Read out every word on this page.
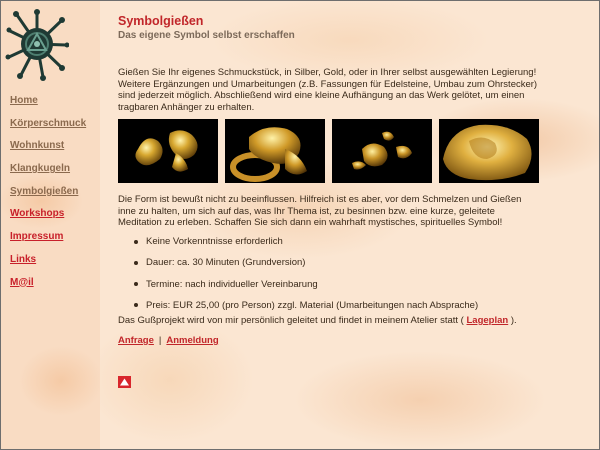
Home
Körperschmuck
Wohnkunst
Klangkugeln
Symbolgießen
Workshops
Impressum
Links
M@il
Symbolgießen
Das eigene Symbol selbst erschaffen

Gießen Sie Ihr eigenes Schmuckstück, in Silber, Gold, oder in Ihrer selbst ausgewählten Legierung! Weitere Ergänzungen und Umarbeitungen (z.B. Fassungen für Edelsteine, Umbau zum Ohrstecker) sind jederzeit möglich. Abschließend wird eine kleine Aufhängung an das Werk gelötet, um einen tragbaren Anhänger zu erhalten.

Die Form ist bewußt nicht zu beeinflussen. Hilfreich ist es aber, vor dem Schmelzen und Gießen inne zu halten, um sich auf das, was Ihr Thema ist, zu besinnen bzw. eine kurze, geleitete Meditation zu erleben. Schaffen Sie sich dann ein wahrhaft mystisches, spirituelles Symbol!

Keine Vorkenntnisse erforderlich
Dauer: ca. 30 Minuten (Grundversion)
Termine: nach individueller Vereinbarung
Preis: EUR 25,00 (pro Person) zzgl. Material (Umarbeitungen nach Absprache)

Das Gußprojekt wird von mir persönlich geleitet und findet in meinem Atelier statt ( Lageplan ).

Anfrage | Anmeldung
